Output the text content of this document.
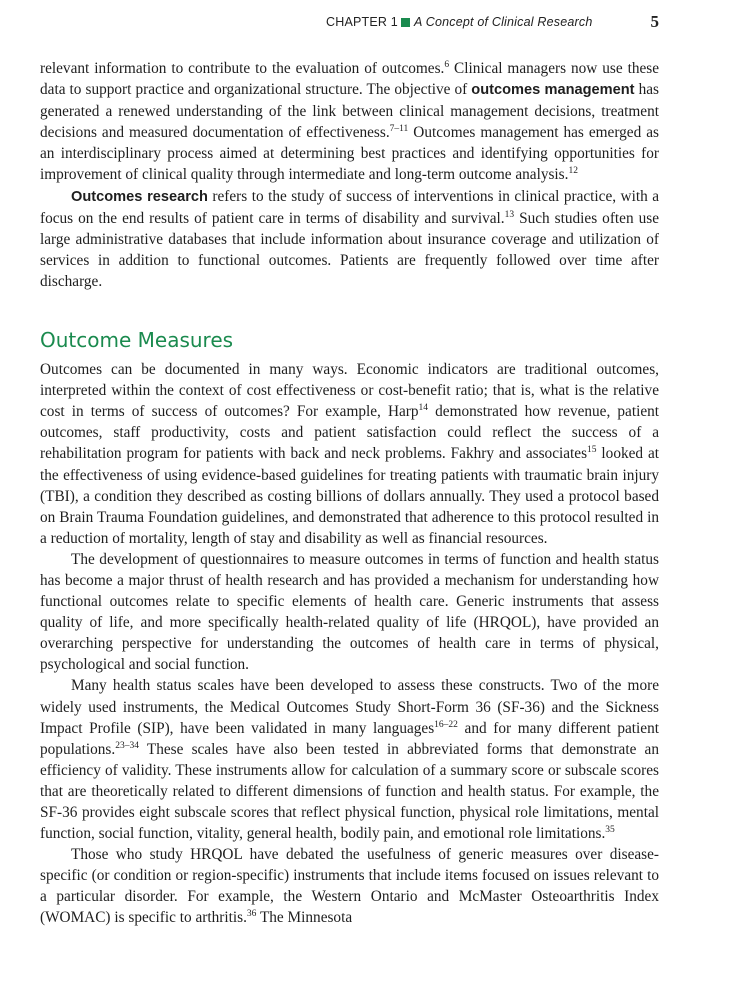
CHAPTER 1 A Concept of Clinical Research	5

relevant information to contribute to the evaluation of outcomes.$^6$ Clinical managers now use these data to support practice and organizational structure. The objective of outcomes management has generated a renewed understanding of the link between clinical management decisions, treatment decisions and measured documentation of effectiveness.$^{7-11}$ Outcomes management has emerged as an interdisciplinary process aimed at determining best practices and identifying opportunities for improvement of clinical quality through intermediate and long-term outcome analysis.$^{12}$

Outcomes research refers to the study of success of interventions in clinical practice, with a focus on the end results of patient care in terms of disability and survival.$^{13}$ Such studies often use large administrative databases that include information about insurance coverage and utilization of services in addition to functional outcomes. Patients are frequently followed over time after discharge.

Outcome Measures

Outcomes can be documented in many ways. Economic indicators are traditional outcomes, interpreted within the context of cost effectiveness or cost-benefit ratio; that is, what is the relative cost in terms of success of outcomes? For example, Harp$^{14}$ demonstrated how revenue, patient outcomes, staff productivity, costs and patient satisfaction could reflect the success of a rehabilitation program for patients with back and neck problems. Fakhry and associates$^{15}$ looked at the effectiveness of using evidence-based guidelines for treating patients with traumatic brain injury (TBI), a condition they described as costing billions of dollars annually. They used a protocol based on Brain Trauma Foundation guidelines, and demonstrated that adherence to this protocol resulted in a reduction of mortality, length of stay and disability as well as financial resources.

The development of questionnaires to measure outcomes in terms of function and health status has become a major thrust of health research and has provided a mechanism for understanding how functional outcomes relate to specific elements of health care. Generic instruments that assess quality of life, and more specifically health-related quality of life (HRQOL), have provided an overarching perspective for understanding the outcomes of health care in terms of physical, psychological and social function.

Many health status scales have been developed to assess these constructs. Two of the more widely used instruments, the Medical Outcomes Study Short-Form 36 (SF-36) and the Sickness Impact Profile (SIP), have been validated in many languages$^{16-22}$ and for many different patient populations.$^{23-34}$ These scales have also been tested in abbreviated forms that demonstrate an efficiency of validity. These instruments allow for calculation of a summary score or subscale scores that are theoretically related to different dimensions of function and health status. For example, the SF-36 provides eight subscale scores that reflect physical function, physical role limitations, mental function, social function, vitality, general health, bodily pain, and emotional role limitations.$^{35}$

Those who study HRQOL have debated the usefulness of generic measures over disease-specific (or condition or region-specific) instruments that include items focused on issues relevant to a particular disorder. For example, the Western Ontario and McMaster Osteoarthritis Index (WOMAC) is specific to arthritis.$^{36}$ The Minnesota
